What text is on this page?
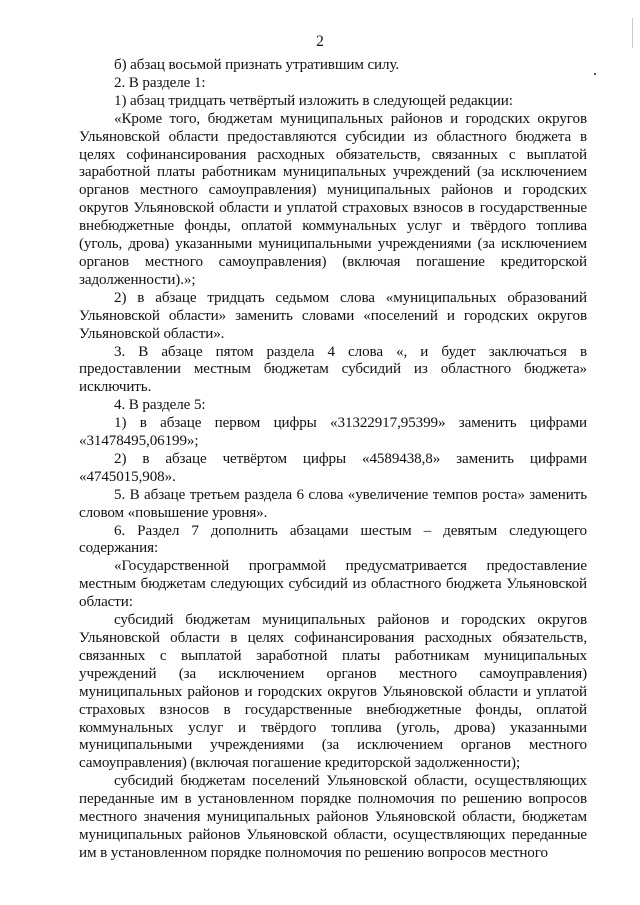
2

б) абзац восьмой признать утратившим силу.

2. В разделе 1:

1) абзац тридцать четвёртый изложить в следующей редакции:

«Кроме того, бюджетам муниципальных районов и городских округов Ульяновской области предоставляются субсидии из областного бюджета в целях софинансирования расходных обязательств, связанных с выплатой заработной платы работникам муниципальных учреждений (за исключением органов местного самоуправления) муниципальных районов и городских округов Ульяновской области и уплатой страховых взносов в государственные внебюджетные фонды, оплатой коммунальных услуг и твёрдого топлива (уголь, дрова) указанными муниципальными учреждениями (за исключением органов местного самоуправления) (включая погашение кредиторской задолженности).»;

2) в абзаце тридцать седьмом слова «муниципальных образований Ульяновской области» заменить словами «поселений и городских округов Ульяновской области».

3. В абзаце пятом раздела 4 слова «, и будет заключаться в предоставлении местным бюджетам субсидий из областного бюджета» исключить.

4. В разделе 5:

1) в абзаце первом цифры «31322917,95399» заменить цифрами «31478495,06199»;

2) в абзаце четвёртом цифры «4589438,8» заменить цифрами «4745015,908».

5. В абзаце третьем раздела 6 слова «увеличение темпов роста» заменить словом «повышение уровня».

6. Раздел 7 дополнить абзацами шестым – девятым следующего содержания:

«Государственной программой предусматривается предоставление местным бюджетам следующих субсидий из областного бюджета Ульяновской области:

субсидий бюджетам муниципальных районов и городских округов Ульяновской области в целях софинансирования расходных обязательств, связанных с выплатой заработной платы работникам муниципальных учреждений (за исключением органов местного самоуправления) муниципальных районов и городских округов Ульяновской области и уплатой страховых взносов в государственные внебюджетные фонды, оплатой коммунальных услуг и твёрдого топлива (уголь, дрова) указанными муниципальными учреждениями (за исключением органов местного самоуправления) (включая погашение кредиторской задолженности);

субсидий бюджетам поселений Ульяновской области, осуществляющих переданные им в установленном порядке полномочия по решению вопросов местного значения муниципальных районов Ульяновской области, бюджетам муниципальных районов Ульяновской области, осуществляющих переданные им в установленном порядке полномочия по решению вопросов местного
